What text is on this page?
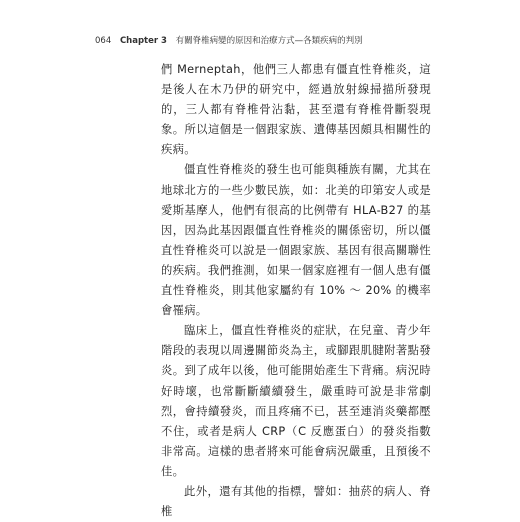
064 Chapter 3 有關脊椎病變的原因和治療方式—各類疾病的判別

們 Merneptah，他們三人都患有僵直性脊椎炎，這是後人在木乃伊的研究中，經過放射線掃描所發現的，三人都有脊椎骨沾黏，甚至還有脊椎骨斷裂現象。所以這個是一個跟家族、遺傳基因頗具相關性的疾病。

僵直性脊椎炎的發生也可能與種族有關，尤其在地球北方的一些少數民族，如：北美的印第安人或是愛斯基摩人，他們有很高的比例帶有 HLA-B27 的基因，因為此基因跟僵直性脊椎炎的關係密切，所以僵直性脊椎炎可以說是一個跟家族、基因有很高關聯性的疾病。我們推測，如果一個家庭裡有一個人患有僵直性脊椎炎，則其他家屬約有 10% ～ 20% 的機率會罹病。

臨床上，僵直性脊椎炎的症狀，在兒童、青少年階段的表現以周邊關節炎為主，或腳跟肌腱附著點發炎。到了成年以後，他可能開始產生下背痛。病況時好時壞，也常斷斷續續發生，嚴重時可說是非常劇烈，會持續發炎，而且疼痛不已，甚至連消炎藥都壓不住，或者是病人 CRP（C 反應蛋白）的發炎指數非常高。這樣的患者將來可能會病況嚴重，且預後不佳。

此外，還有其他的指標，譬如：抽菸的病人、脊椎
